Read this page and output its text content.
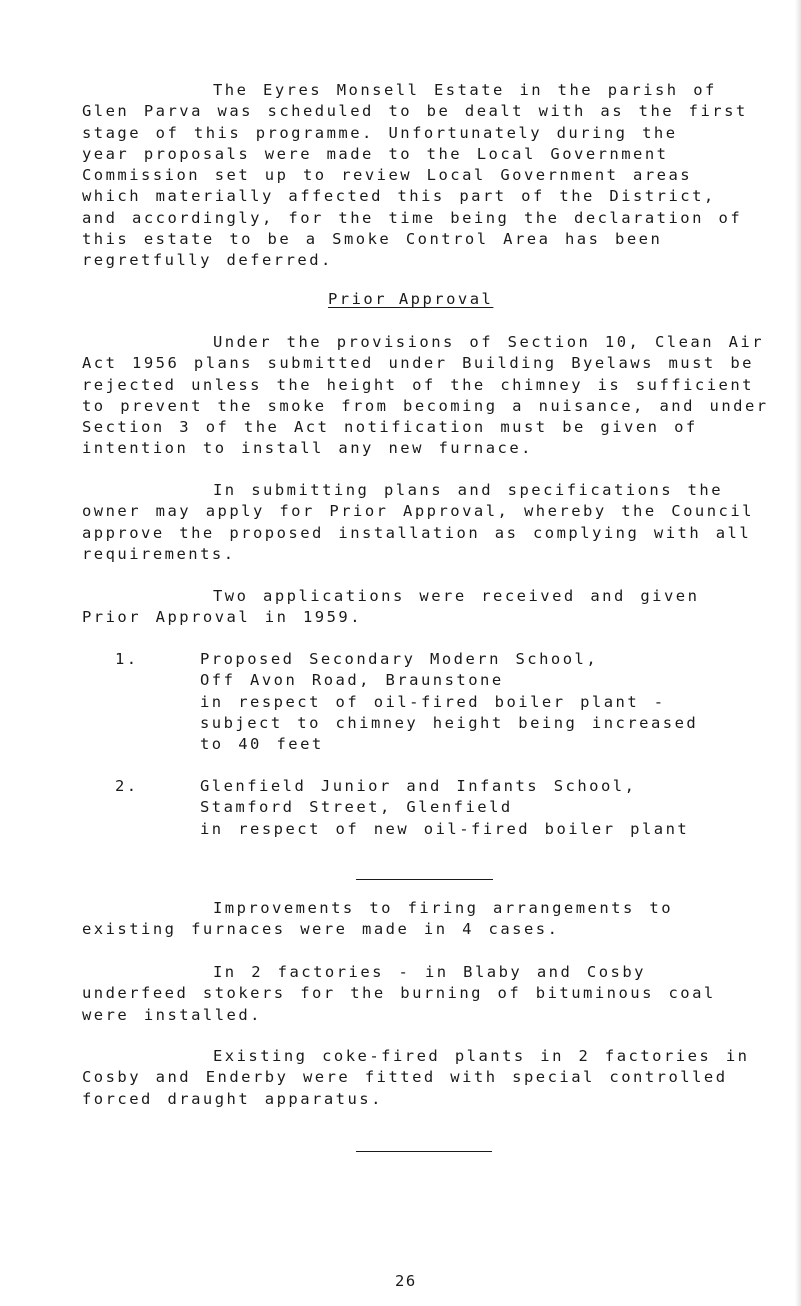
The Eyres Monsell Estate in the parish of
Glen Parva was scheduled to be dealt with as the first
stage of this programme. Unfortunately during the
year proposals were made to the Local Government
Commission set up to review Local Government areas
which materially affected this part of the District,
and accordingly, for the time being the declaration of
this estate to be a Smoke Control Area has been
regretfully deferred.
Prior Approval
Under the provisions of Section 10, Clean Air
Act 1956 plans submitted under Building Byelaws must be
rejected unless the height of the chimney is sufficient
to prevent the smoke from becoming a nuisance, and under
Section 3 of the Act notification must be given of
intention to install any new furnace.
In submitting plans and specifications the
owner may apply for Prior Approval, whereby the Council
approve the proposed installation as complying with all
requirements.
Two applications were received and given
Prior Approval in 1959.
1.	Proposed Secondary Modern School,
Off Avon Road, Braunstone
in respect of oil-fired boiler plant -
subject to chimney height being increased
to 40 feet
2.	Glenfield Junior and Infants School,
Stamford Street, Glenfield
in respect of new oil-fired boiler plant
Improvements to firing arrangements to
existing furnaces were made in 4 cases.
In 2 factories - in Blaby and Cosby
underfeed stokers for the burning of bituminous coal
were installed.
Existing coke-fired plants in 2 factories in
Cosby and Enderby were fitted with special controlled
forced draught apparatus.
26
